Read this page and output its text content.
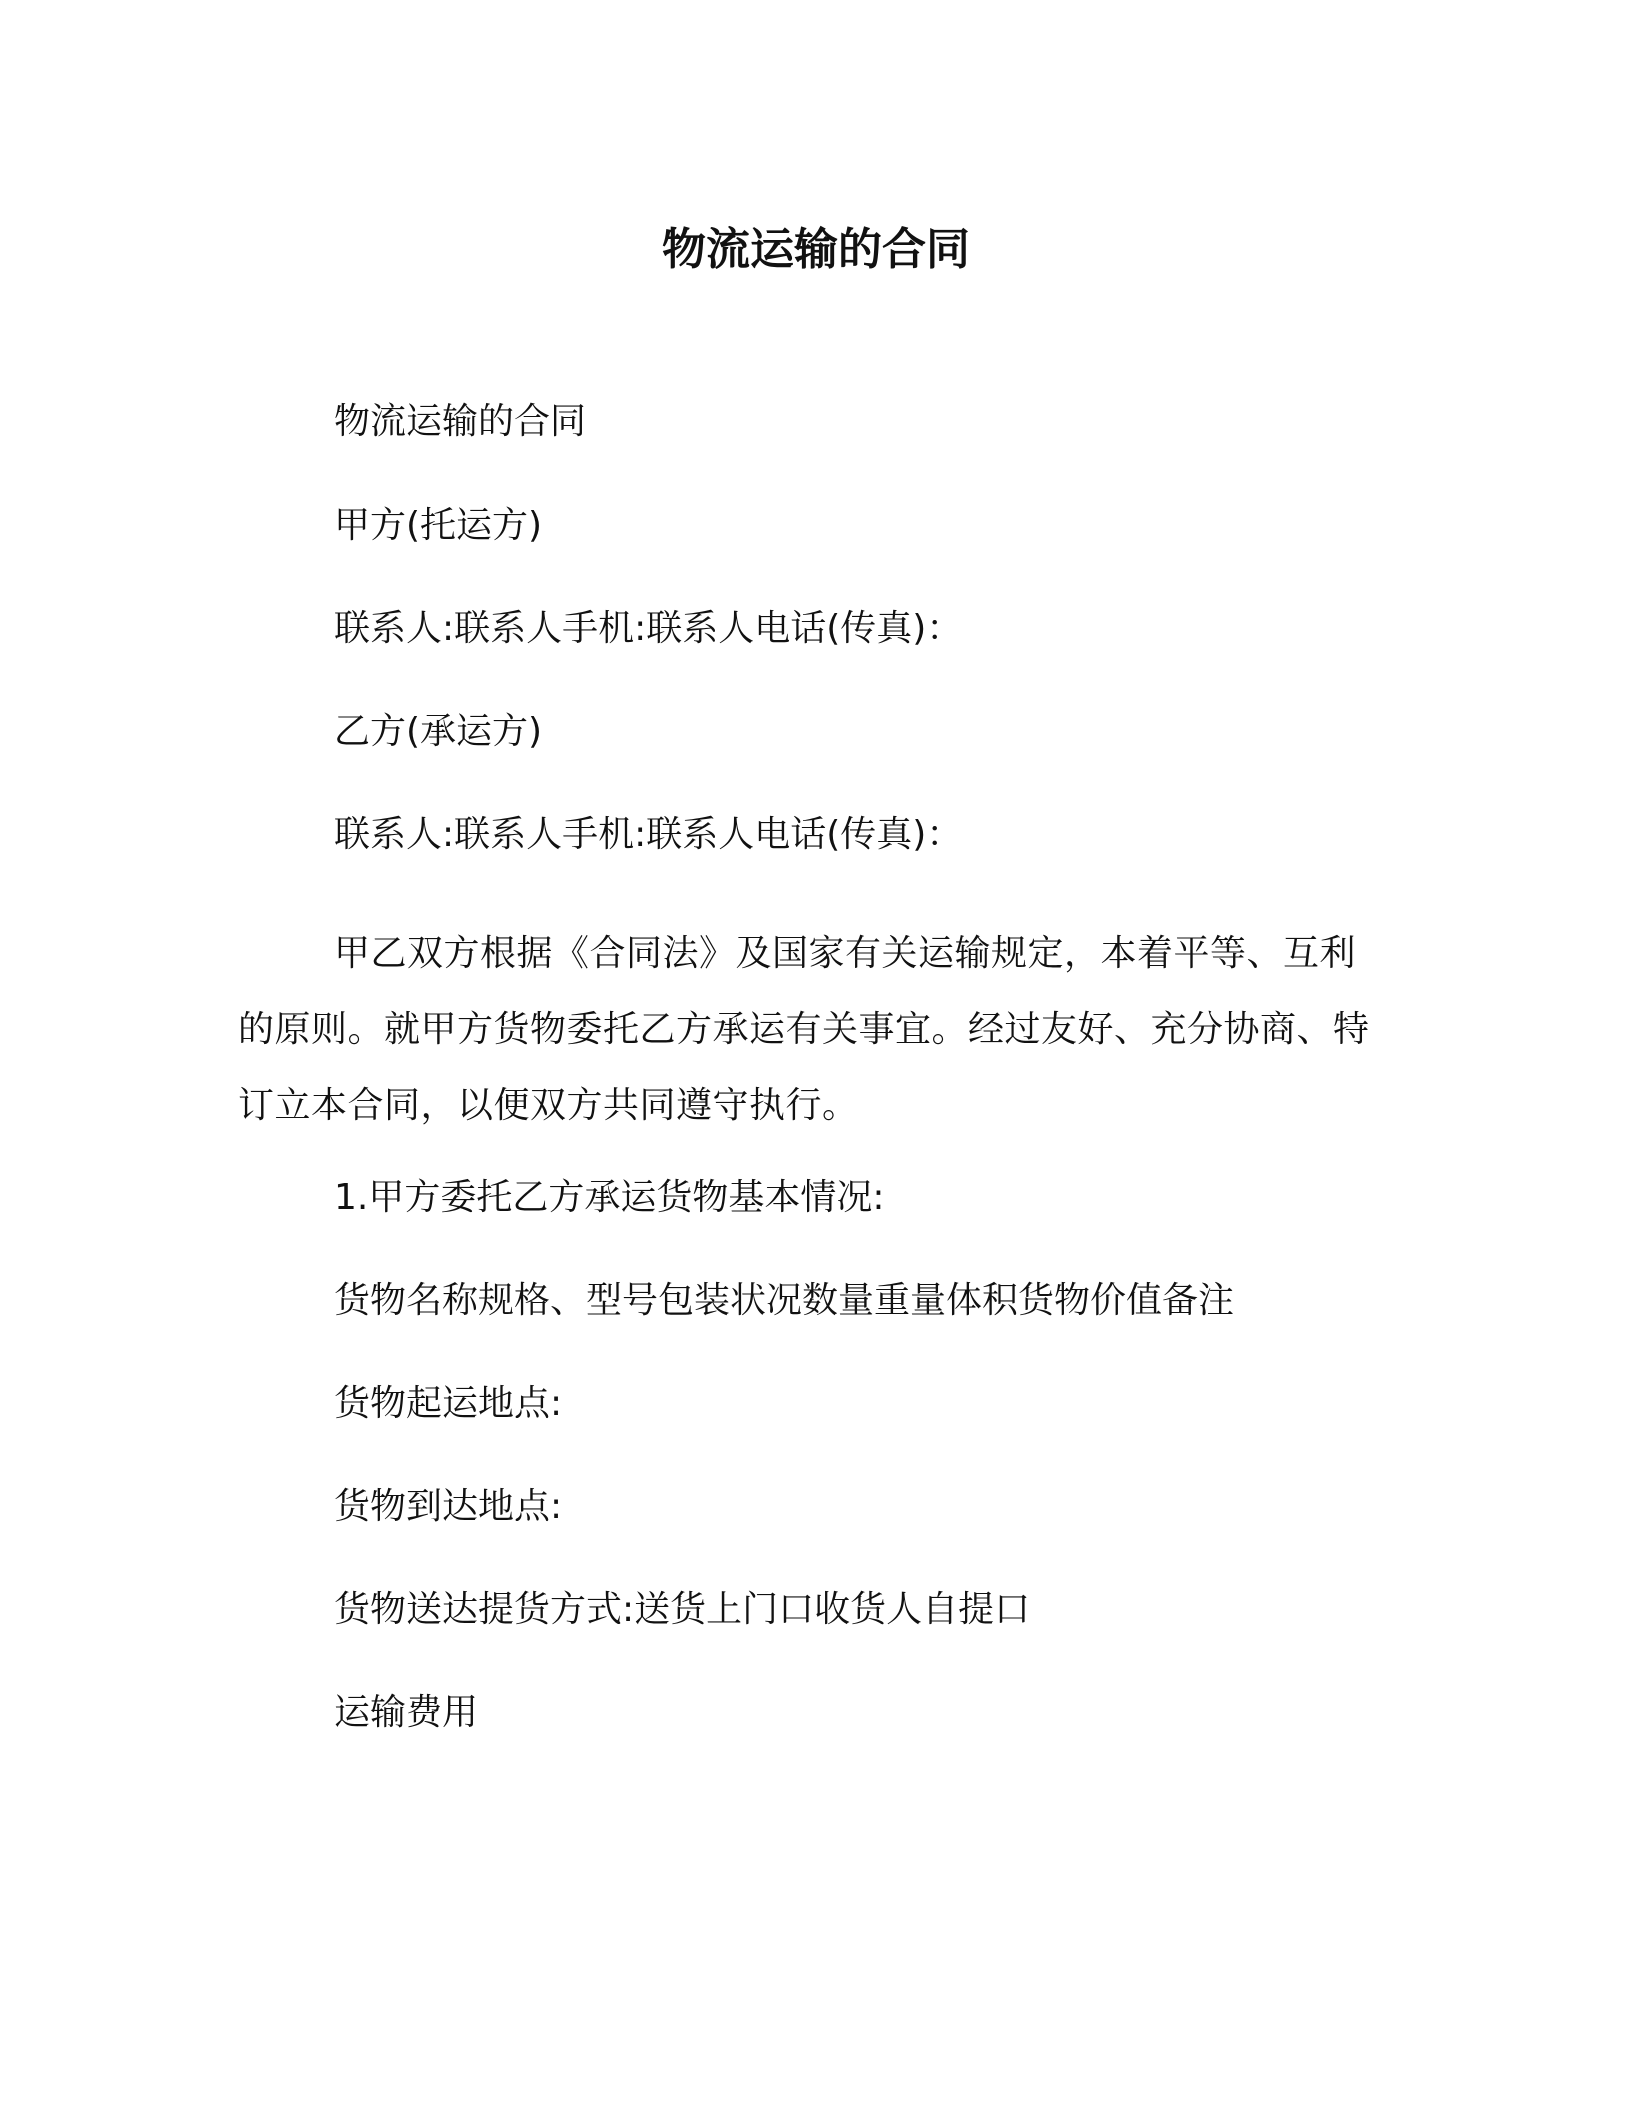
物流运输的合同
物流运输的合同
甲方(托运方)
联系人:联系人手机:联系人电话(传真)：
乙方(承运方)
联系人:联系人手机:联系人电话(传真)：
甲乙双方根据《合同法》及国家有关运输规定，本着平等、互利的原则。就甲方货物委托乙方承运有关事宜。经过友好、充分协商、特订立本合同，以便双方共同遵守执行。
1.甲方委托乙方承运货物基本情况:
货物名称规格、型号包装状况数量重量体积货物价值备注
货物起运地点:
货物到达地点:
货物送达提货方式:送货上门口收货人自提口
运输费用
